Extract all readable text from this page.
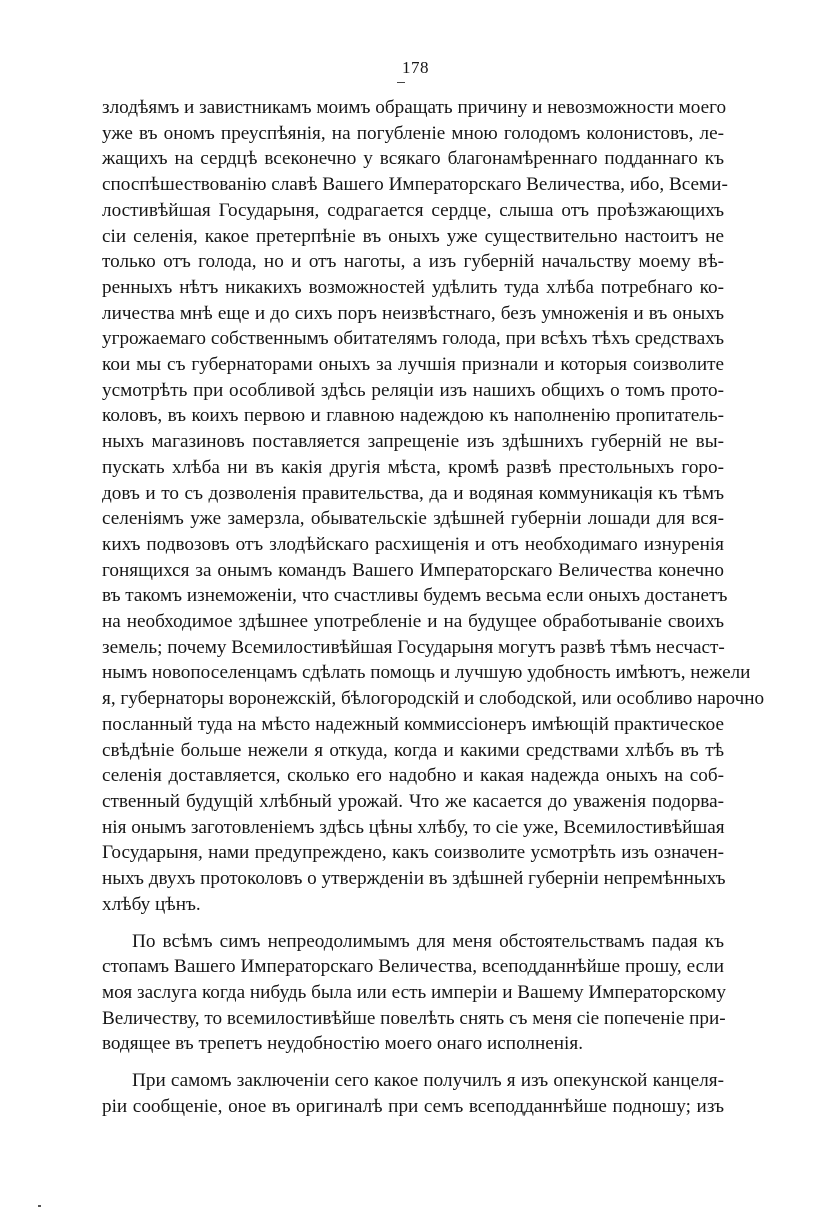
178
злодѣямъ и завистникамъ моимъ обращать причину и невозможности моего
уже въ ономъ преуспѣянія, на погубленіе мною голодомъ колонистовъ, ле-
жащихъ на сердцѣ всеконечно у всякаго благонамѣреннаго подданнаго къ
споспѣшествованію славѣ Вашего Императорскаго Величества, ибо, Всеми-
лостивѣйшая Государыня, содрагается сердце, слыша отъ проѣзжающихъ
сіи селенія, какое претерпѣніе въ оныхъ уже существительно настоитъ не
только отъ голода, но и отъ наготы, а изъ губерній начальству моему вѣ-
ренныхъ нѣтъ никакихъ возможностей удѣлить туда хлѣба потребнаго ко-
личества мнѣ еще и до сихъ поръ неизвѣстнаго, безъ умноженія и въ оныхъ
угрожаемаго собственнымъ обитателямъ голода, при всѣхъ тѣхъ средствахъ
кои мы съ губернаторами оныхъ за лучшія признали и которыя соизволите
усмотрѣть при особливой здѣсь реляціи изъ нашихъ общихъ о томъ прото-
коловъ, въ коихъ первою и главною надеждою къ наполненію пропитатель-
ныхъ магазиновъ поставляется запрещеніе изъ здѣшнихъ губерній не вы-
пускать хлѣба ни въ какія другія мѣста, кромѣ развѣ престольныхъ горо-
довъ и то съ дозволенія правительства, да и водяная коммуникація къ тѣмъ
селеніямъ уже замерзла, обывательскіе здѣшней губерніи лошади для вся-
кихъ подвозовъ отъ злодѣйскаго расхищенія и отъ необходимаго изнуренія
гонящихся за онымъ командъ Вашего Императорскаго Величества конечно
въ такомъ изнеможеніи, что счастливы будемъ весьма если оныхъ достанетъ
на необходимое здѣшнее употребленіе и на будущее обработываніе своихъ
земель; почему Всемилостивѣйшая Государыня могутъ развѣ тѣмъ несчаст-
нымъ новопоселенцамъ сдѣлать помощь и лучшую удобность имѣютъ, нежели
я, губернаторы воронежскій, бѣлогородскій и слободской, или особливо нарочно
посланный туда на мѣсто надежный коммиссіонеръ имѣющій практическое
свѣдѣніе больше нежели я откуда, когда и какими средствами хлѣбъ въ тѣ
селенія доставляется, сколько его надобно и какая надежда оныхъ на соб-
ственный будущій хлѣбный урожай. Что же касается до уваженія подорва-
нія онымъ заготовленіемъ здѣсь цѣны хлѣбу, то сіе уже, Всемилостивѣйшая
Государыня, нами предупреждено, какъ соизволите усмотрѣть изъ означен-
ныхъ двухъ протоколовъ о утвержденіи въ здѣшней губерніи непремѣнныхъ
хлѣбу цѣнъ.
По всѣмъ симъ непреодолимымъ для меня обстоятельствамъ падая къ
стопамъ Вашего Императорскаго Величества, всеподданнѣйше прошу, если
моя заслуга когда нибудь была или есть имперіи и Вашему Императорскому
Величеству, то всемилостивѣйше повелѣть снять съ меня сіе попеченіе при-
водящее въ трепетъ неудобностію моего онаго исполненія.
При самомъ заключеніи сего какое получилъ я изъ опекунской канцеля-
ріи сообщеніе, оное въ оригиналѣ при семъ всеподданнѣйше подношу; изъ
